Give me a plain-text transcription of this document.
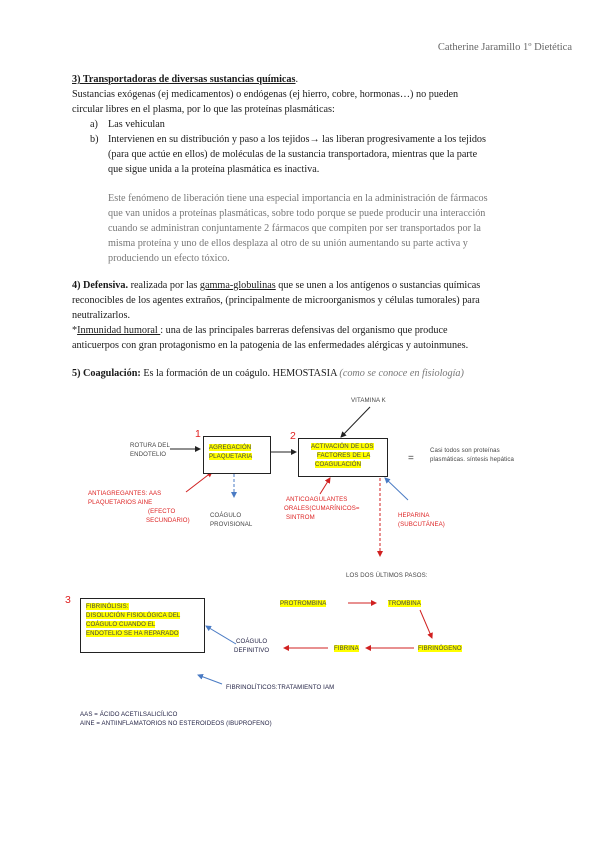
Catherine Jaramillo 1º Dietética
3) Transportadoras de diversas sustancias químicas.
Sustancias exógenas (ej medicamentos) o endógenas (ej hierro, cobre, hormonas…) no pueden
circular libres en el plasma, por lo que las proteínas plasmáticas:
a) Las vehiculan
b) Intervienen en su distribución y paso a los tejidos→ las liberan progresivamente a los tejidos
(para que actúe en ellos) de moléculas de la sustancia transportadora, mientras que la parte
que sigue unida a la proteína plasmática es inactiva.
Este fenómeno de liberación tiene una especial importancia en la administración de fármacos
que van unidos a proteínas plasmáticas, sobre todo porque se puede producir una interacción
cuando se administran conjuntamente 2 fármacos que compiten por ser transportados por la
misma proteína y uno de ellos desplaza al otro de su unión aumentando su parte activa y
produciendo un efecto tóxico.
4) Defensiva. realizada por las gamma-globulinas que se unen a los antígenos o sustancias químicas
reconocibles de los agentes extraños, (principalmente de microorganismos y células tumorales) para
neutralizarlos.
*Inmunidad humoral : una de las principales barreras defensivas del organismo que produce
anticuerpos con gran protagonismo en la patogenia de las enfermedades alérgicas y autoinmunes.
5) Coagulación: Es la formación de un coágulo. HEMOSTASIA (como se conoce en fisiología)
VITAMINA K
1	2
3
ROTURA DEL
ENDOTELIO
AGREGACIÓN
PLAQUETARIA
ACTIVACIÓN DE LOS
FACTORES DE LA
COAGULACIÓN
=
Casi todos son proteínas
plasmáticas. síntesis hepática
ANTIAGREGANTES: AAS
PLAQUETARIOS AINE
(EFECTO
SECUNDARIO)
COÁGULO
PROVISIONAL
ANTICOAGULANTES
ORALES(CUMARÍNICOS=
SINTROM	HEPARINA
(SUBCUTÁNEA)
LOS DOS ÚLTIMOS PASOS:
FIBRINÓLISIS:
DISOLUCIÓN FISIOLÓGICA DEL
COÁGULO CUANDO EL
ENDOTELIO SE HA REPARADO
PROTROMBINA	TROMBINA
COÁGULO
DEFINITIVO	FIBRINA	FIBRINÓGENO
FIBRINOLÍTICOS:TRATAMIENTO IAM
AAS = ÁCIDO ACETILSALICÍLICO
AINE = ANTIINFLAMATORIOS NO ESTEROIDEOS (IBUPROFENO)
